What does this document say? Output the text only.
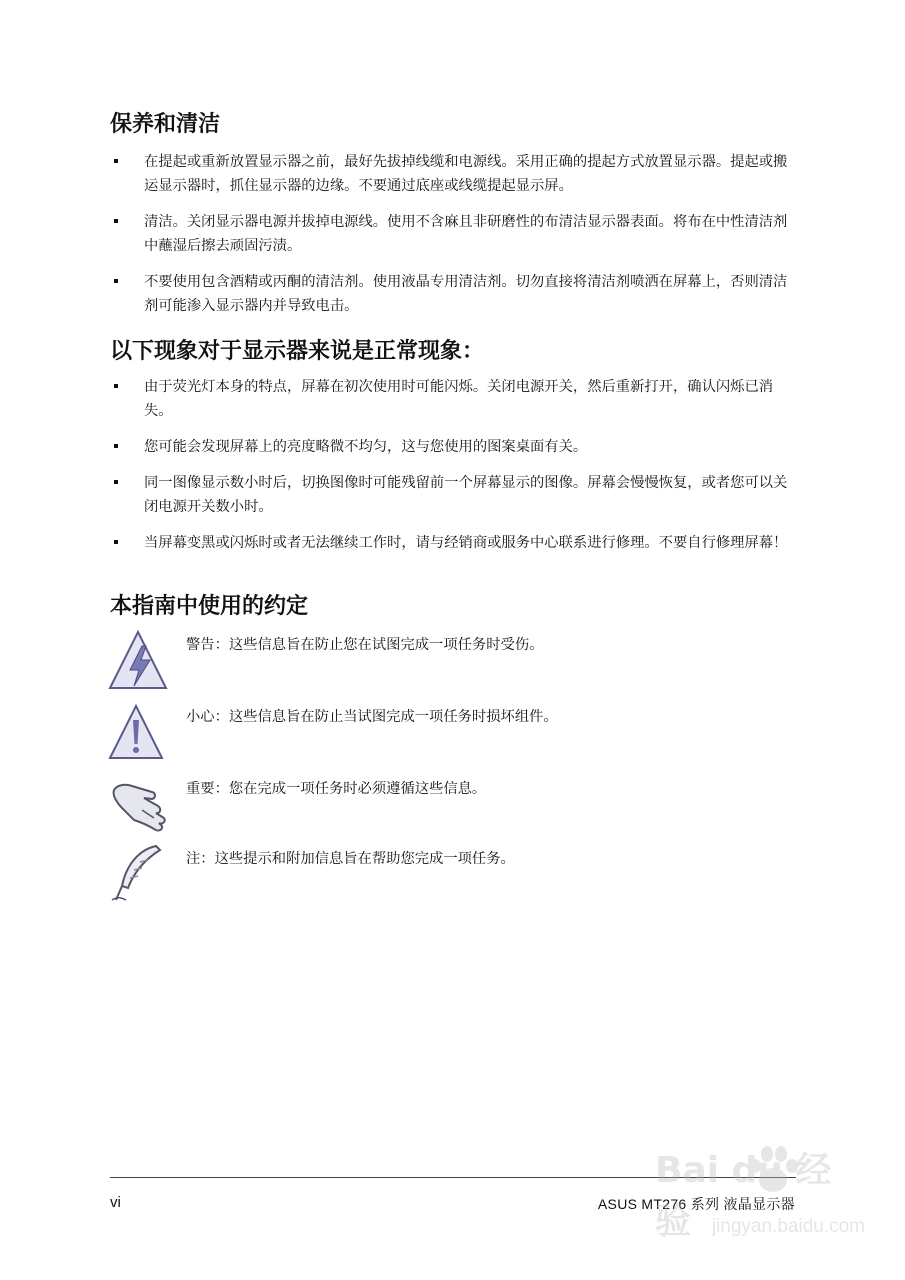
保养和清洁
在提起或重新放置显示器之前，最好先拔掉线缆和电源线。采用正确的提起方式放置显示器。提起或搬运显示器时，抓住显示器的边缘。不要通过底座或线缆提起显示屏。
清洁。关闭显示器电源并拔掉电源线。使用不含麻且非研磨性的布清洁显示器表面。将布在中性清洁剂中蘸湿后擦去顽固污渍。
不要使用包含酒精或丙酮的清洁剂。使用液晶专用清洁剂。切勿直接将清洁剂喷洒在屏幕上，否则清洁剂可能渗入显示器内并导致电击。
以下现象对于显示器来说是正常现象：
由于荧光灯本身的特点，屏幕在初次使用时可能闪烁。关闭电源开关，然后重新打开，确认闪烁已消失。
您可能会发现屏幕上的亮度略微不均匀，这与您使用的图案桌面有关。
同一图像显示数小时后，切换图像时可能残留前一个屏幕显示的图像。屏幕会慢慢恢复，或者您可以关闭电源开关数小时。
当屏幕变黑或闪烁时或者无法继续工作时，请与经销商或服务中心联系进行修理。不要自行修理屏幕！
本指南中使用的约定
警告：这些信息旨在防止您在试图完成一项任务时受伤。
小心：这些信息旨在防止当试图完成一项任务时损坏组件。
重要：您在完成一项任务时必须遵循这些信息。
注：这些提示和附加信息旨在帮助您完成一项任务。
vi	ASUS MT276 系列 液晶显示器
Bai du 经验	jingyan.baidu.com
